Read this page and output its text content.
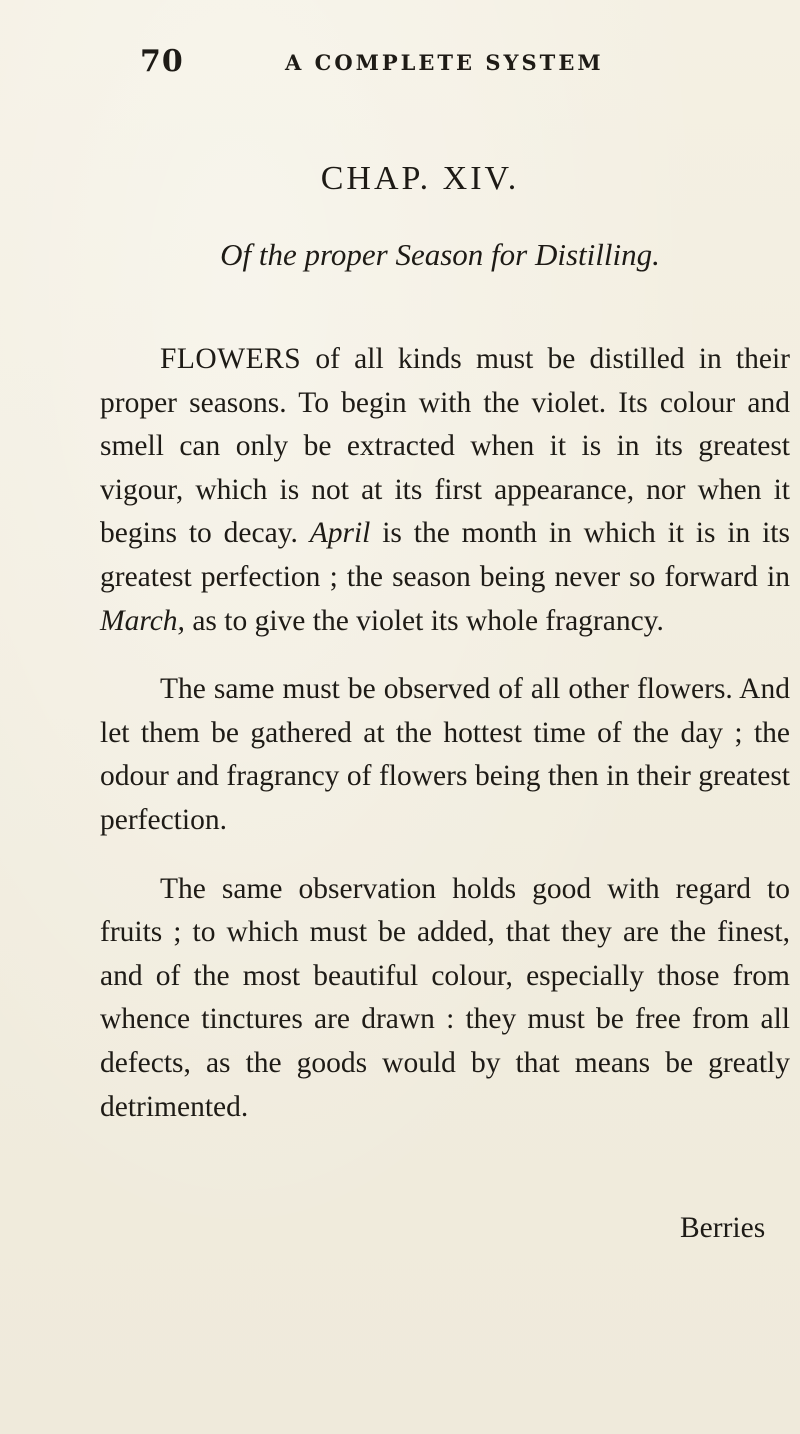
70	A COMPLETE SYSTEM
CHAP. XIV.
Of the proper Season for Distilling.

FLOWERS of all kinds must be distilled in their proper seasons. To begin with the violet. Its colour and smell can only be extracted when it is in its greatest vigour, which is not at its first appearance, nor when it begins to decay. April is the month in which it is in its greatest perfection ; the season being never so forward in March, as to give the violet its whole fragrancy.

The same must be observed of all other flowers. And let them be gathered at the hottest time of the day ; the odour and fragrancy of flowers being then in their greatest perfection.

The same observation holds good with regard to fruits ; to which must be added, that they are the finest, and of the most beautiful colour, especially those from whence tinctures are drawn : they must be free from all defects, as the goods would by that means be greatly detrimented.

Berries
